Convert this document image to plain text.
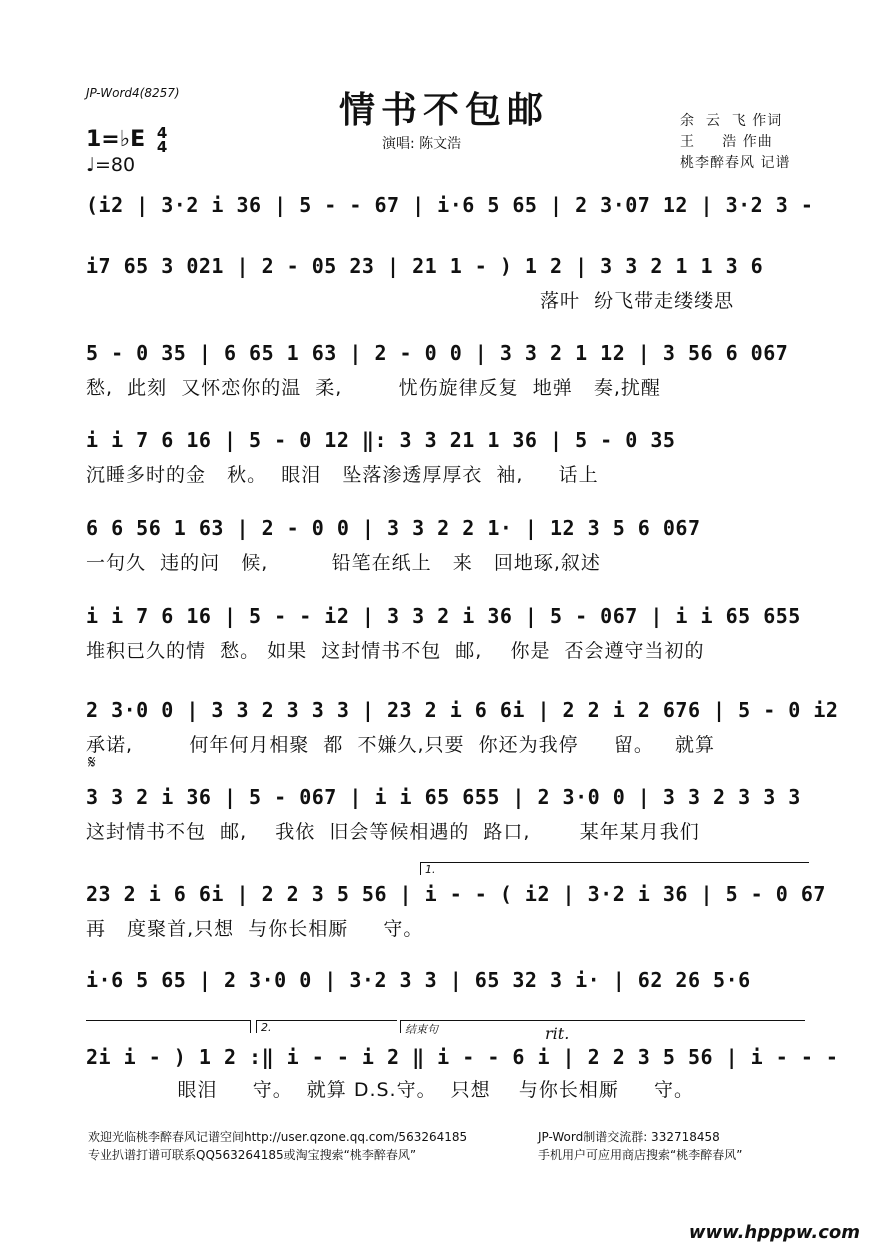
JP-Word4(8257)	情书不包邮
1=♭E 4
4
♩=80
演唱: 陈文浩
余  云  飞 作词
王     浩 作曲
桃李醉春风 记谱
(i2 | 3·2 i 36 | 5 - - 67 | i·6 5 65 | 2 3·07 12 | 3·2 3 -
i7 65 3 021 | 2 - 05 23 | 21 1 - ) 1 2 | 3 3 2 1 1 3 6
落叶  纷飞带走缕缕思
5 - 0 35 | 6 65 1 63 | 2 - 0 0 | 3 3 2 1 12 | 3 56 6 067
愁,  此刻  又怀恋你的温  柔,        忧伤旋律反复  地弹   奏,扰醒
i i 7 6 16 | 5 - 0 12 ‖: 3 3 21 1 36 | 5 - 0 35
沉睡多时的金   秋。  眼泪   坠落渗透厚厚衣  袖,     话上
6 6 56 1 63 | 2 - 0 0 | 3 3 2 2 1· | 12 3 5 6 067
一句久  违的问   候,         铅笔在纸上   来   回地琢,叙述
i i 7 6 16 | 5 - - i2 | 3 3 2 i 36 | 5 - 067 | i i 65 655
堆积已久的情  愁。 如果  这封情书不包  邮,    你是  否会遵守当初的
2 3·0 0 | 3 3 2 3 3 3 | 23 2 i 6 6i | 2 2 i 2 676 | 5 - 0 i2
承诺,        何年何月相聚  都  不嫌久,只要  你还为我停     留。   就算
𝄋
3 3 2 i 36 | 5 - 067 | i i 65 655 | 2 3·0 0 | 3 3 2 3 3 3
这封情书不包  邮,    我依  旧会等候相遇的  路口,       某年某月我们
1.
23 2 i 6 6i | 2 2 3 5 56 | i - - ( i2 | 3·2 i 36 | 5 - 0 67
再   度聚首,只想  与你长相厮     守。
i·6 5 65 | 2 3·0 0 | 3·2 3 3 | 65 32 3 i· | 62 26 5·6
2.	结束句	rit.
2i i - ) 1 2 :‖ i - - i 2 ‖ i - - 6 i | 2 2 3 5 56 | i - - -
眼泪     守。  就算 D.S.守。  只想    与你长相厮     守。
欢迎光临桃李醉春风记谱空间http://user.qzone.qq.com/563264185	JP-Word制谱交流群: 332718458
专业扒谱打谱可联系QQ563264185或淘宝搜索“桃李醉春风”	手机用户可应用商店搜索“桃李醉春风”
www.hpppw.com
